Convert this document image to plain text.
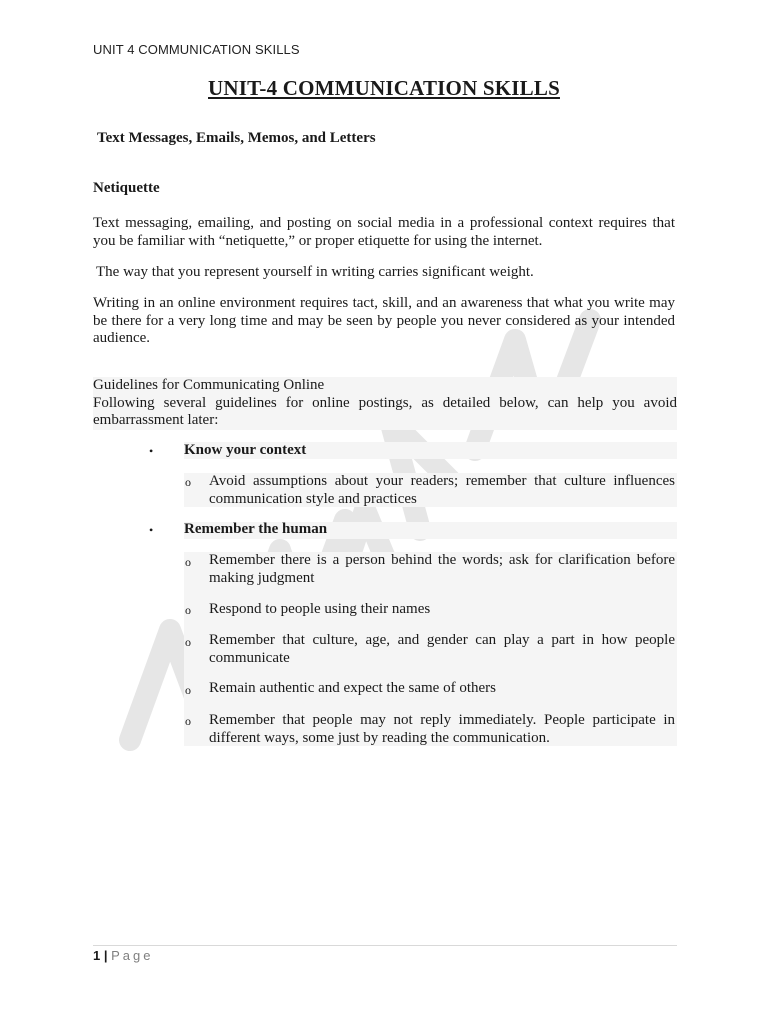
UNIT 4 COMMUNICATION SKILLS
UNIT-4 COMMUNICATION SKILLS
Text Messages, Emails, Memos, and Letters
Netiquette

Text messaging, emailing, and posting on social media in a professional context requires that you be familiar with “netiquette,” or proper etiquette for using the internet.

The way that you represent yourself in writing carries significant weight.

Writing in an online environment requires tact, skill, and an awareness that what you write may be there for a very long time and may be seen by people you never considered as your intended audience.

Guidelines for Communicating Online
Following several guidelines for online postings, as detailed below, can help you avoid embarrassment later:
• Know your context
o Avoid assumptions about your readers; remember that culture influences communication style and practices

• Remember the human
o Remember there is a person behind the words; ask for clarification before making judgment

o Respond to people using their names

o Remember that culture, age, and gender can play a part in how people communicate

o Remain authentic and expect the same of others

o Remember that people may not reply immediately. People participate in different ways, some just by reading the communication.

1 | Page
